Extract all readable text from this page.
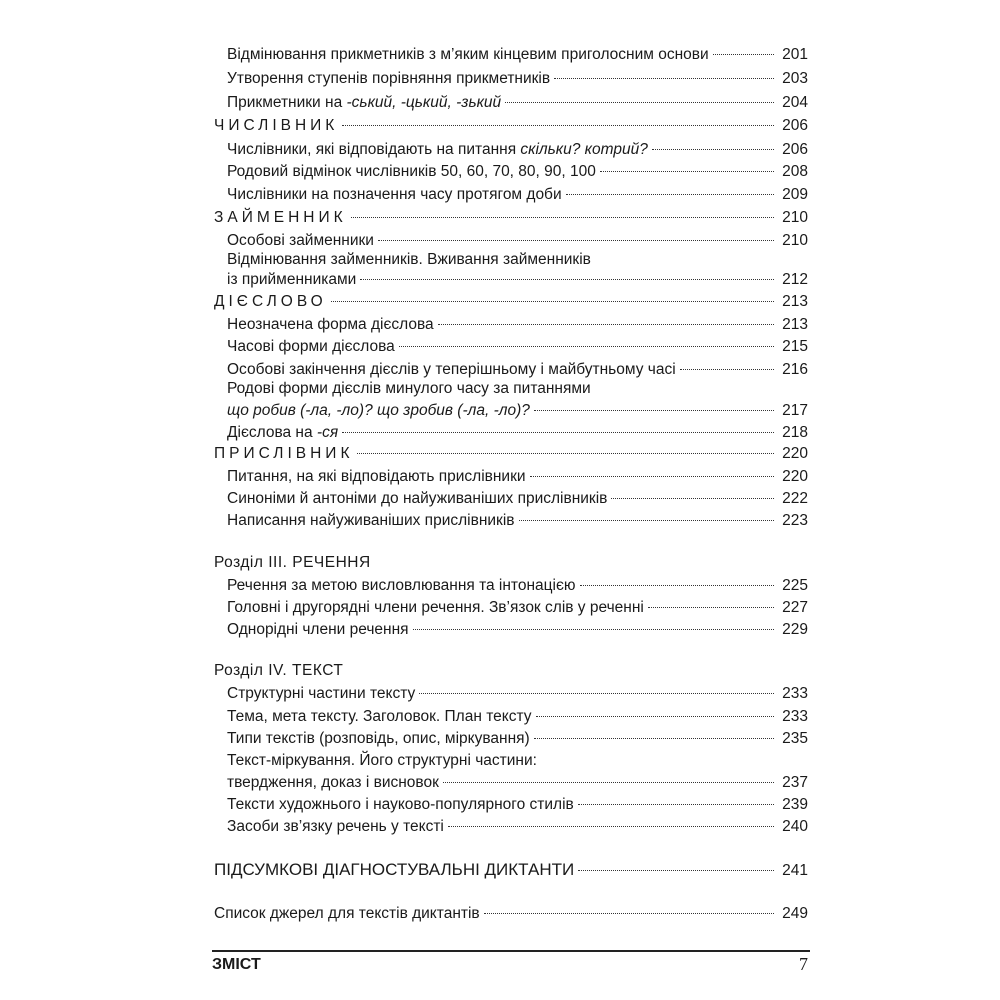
Відмінювання прикметників з м’яким кінцевим приголосним основи	201
Утворення ступенів порівняння прикметників	203
Прикметники на -ський, -цький, -зький	204
ЧИСЛІВНИК	206
Числівники, які відповідають на питання скільки? котрий?	206
Родовий відмінок числівників 50, 60, 70, 80, 90, 100	208
Числівники на позначення часу протягом доби	209
ЗАЙМЕННИК	210
Особові займенники	210
Відмінювання займенників. Вживання займенників
із прийменниками	212
ДІЄСЛОВО	213
Неозначена форма дієслова	213
Часові форми дієслова	215
Особові закінчення дієслів у теперішньому і майбутньому часі	216
Родові форми дієслів минулого часу за питаннями
що робив (-ла, -ло)? що зробив (-ла, -ло)?	217
Дієслова на -ся	218
ПРИСЛІВНИК	220
Питання, на які відповідають прислівники	220
Синоніми й антоніми до найуживаніших прислівників	222
Написання найуживаніших прислівників	223
Розділ III. РЕЧЕННЯ
Речення за метою висловлювання та інтонацією	225
Головні і другорядні члени речення. Зв’язок слів у реченні	227
Однорідні члени речення	229
Розділ IV. ТЕКСТ
Структурні частини тексту	233
Тема, мета тексту. Заголовок. План тексту	233
Типи текстів (розповідь, опис, міркування)	235
Текст-міркування. Його структурні частини:
твердження, доказ і висновок	237
Тексти художнього і науково-популярного стилів	239
Засоби зв’язку речень у тексті	240
ПІДСУМКОВІ ДІАГНОСТУВАЛЬНІ ДИКТАНТИ	241
Список джерел для текстів диктантів	249
ЗМІСТ	7
